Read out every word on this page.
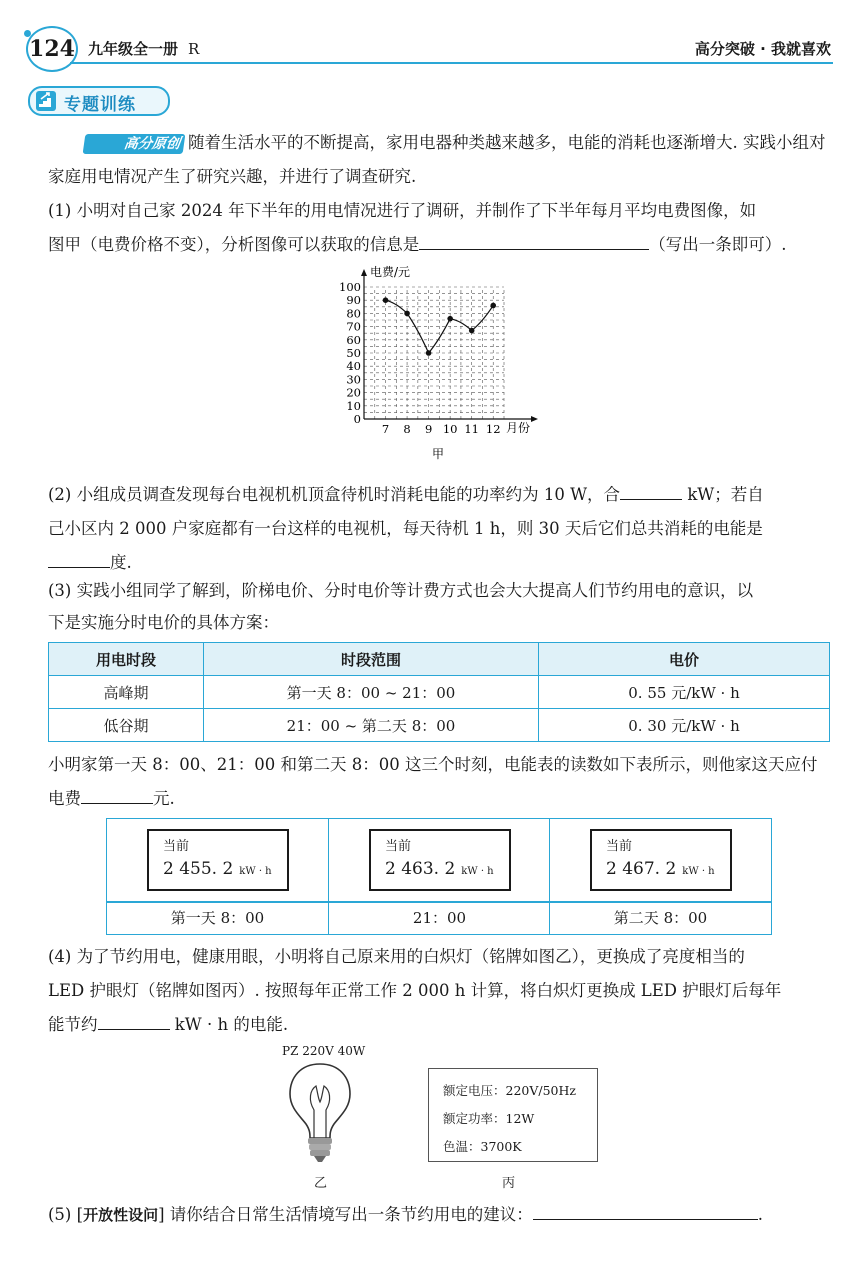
124 九年级全一册 R	高分突破 · 我就喜欢
专题训练
高分原创 随着生活水平的不断提高，家用电器种类越来越多，电能的消耗也逐渐增大. 实践小组对家庭用电情况产生了研究兴趣，并进行了调查研究.
(1) 小明对自己家 2024 年下半年的用电情况进行了调研，并制作了下半年每月平均电费图像，如
图甲（电费价格不变），分析图像可以获取的信息是	（写出一条即可）.
0
10
20
30
40
50
60
70
80
90
100
7 8 9 10 11 12
电费/元
月份
甲
(2) 小组成员调查发现每台电视机机顶盒待机时消耗电能的功率约为 10 W，合	kW；若自
己小区内 2 000 户家庭都有一台这样的电视机，每天待机 1 h，则 30 天后它们总共消耗的电能是
度.
(3) 实践小组同学了解到，阶梯电价、分时电价等计费方式也会大大提高人们节约用电的意识，以
下是实施分时电价的具体方案：
用电时段	时段范围	电价
高峰期	第一天 8：00 ~ 21：00	0. 55 元/kW · h
低谷期	21：00 ~ 第二天 8：00	0. 30 元/kW · h
小明家第一天 8：00、21：00 和第二天 8：00 这三个时刻，电能表的读数如下表所示，则他家这天应付
电费	元.
当前
2 455. 2 kW · h
第一天 8：00
当前
2 463. 2 kW · h
21：00
当前
2 467. 2 kW · h
第二天 8：00
(4) 为了节约用电，健康用眼，小明将自己原来用的白炽灯（铭牌如图乙），更换成了亮度相当的
LED 护眼灯（铭牌如图丙）. 按照每年正常工作 2 000 h 计算，将白炽灯更换成 LED 护眼灯后每年
能节约	kW · h 的电能.
PZ 220V 40W
乙
额定电压：220V/50Hz
额定功率：12W
色温：3700K
丙
(5) [开放性设问] 请你结合日常生活情境写出一条节约用电的建议：	.
